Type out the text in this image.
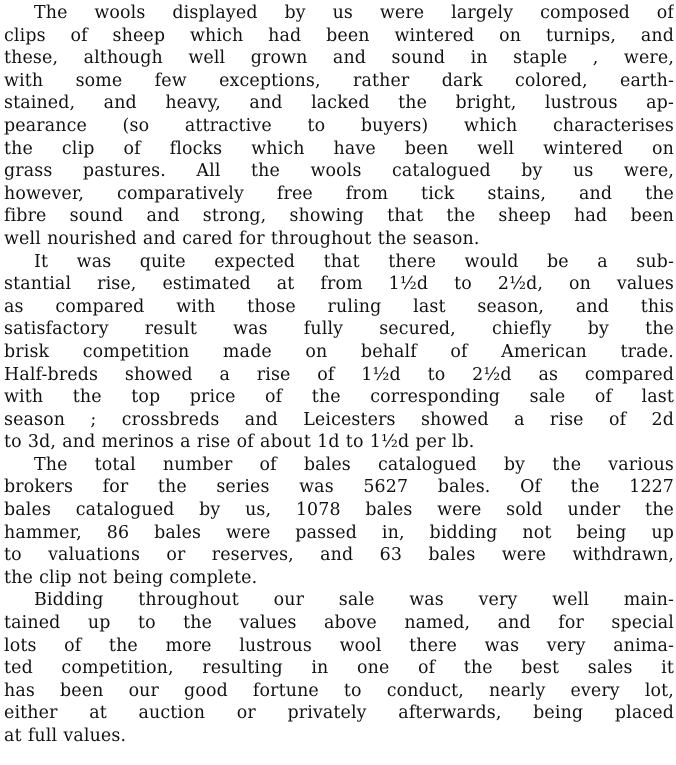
The wools displayed by us were largely composed of
clips of sheep which had been wintered on turnips, and
these, although well grown and sound in staple , were,
with some few exceptions, rather dark colored, earth-
stained, and heavy, and lacked the bright, lustrous ap-
pearance (so attractive to buyers) which characterises
the clip of flocks which have been well wintered on
grass pastures. All the wools catalogued by us were,
however, comparatively free from tick stains, and the
fibre sound and strong, showing that the sheep had been
well nourished and cared for throughout the season.
It was quite expected that there would be a sub-
stantial rise, estimated at from 1½d to 2½d, on values
as compared with those ruling last season, and this
satisfactory result was fully secured, chiefly by the
brisk competition made on behalf of American trade.
Half-breds showed a rise of 1½d to 2½d as compared
with the top price of the corresponding sale of last
season ; crossbreds and Leicesters showed a rise of 2d
to 3d, and merinos a rise of about 1d to 1½d per lb.
The total number of bales catalogued by the various
brokers for the series was 5627 bales. Of the 1227
bales catalogued by us, 1078 bales were sold under the
hammer, 86 bales were passed in, bidding not being up
to valuations or reserves, and 63 bales were withdrawn,
the clip not being complete.
Bidding throughout our sale was very well main-
tained up to the values above named, and for special
lots of the more lustrous wool there was very anima-
ted competition, resulting in one of the best sales it
has been our good fortune to conduct, nearly every lot,
either at auction or privately afterwards, being placed
at full values.
